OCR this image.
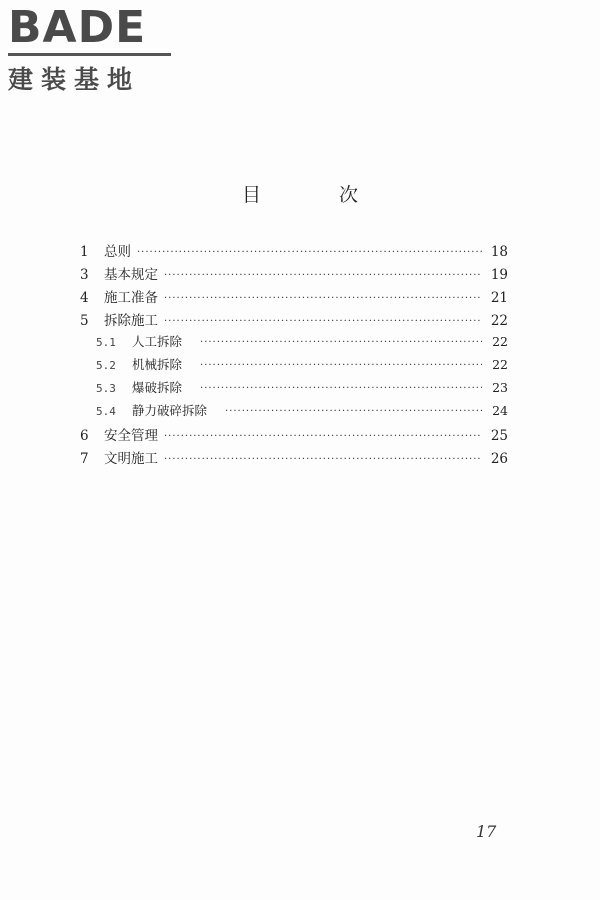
BADE
建装基地
目 次
1	总则 ·····	18
3	基本规定 ·····	19
4	施工准备 ·····	21
5	拆除施工 ·····	22
5.1	人工拆除 ·····	22
5.2	机械拆除 ·····	22
5.3	爆破拆除 ·····	23
5.4	静力破碎拆除 ·····	24
6	安全管理 ·····	25
7	文明施工 ·····	26
17
